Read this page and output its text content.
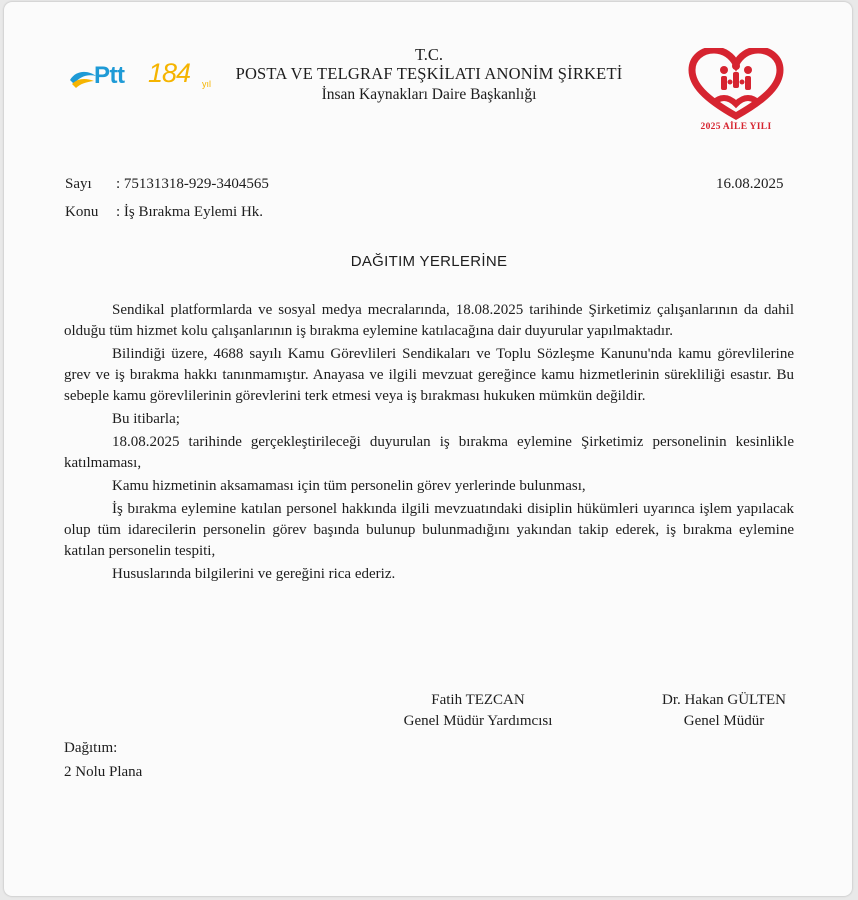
Ptt 184 yıl
T.C.
POSTA VE TELGRAF TEŞKİLATI ANONİM ŞİRKETİ
İnsan Kaynakları Daire Başkanlığı
2025 AİLE YILI
Sayı : 75131318-929-3404565	16.08.2025
Konu : İş Bırakma Eylemi Hk.
DAĞITIM YERLERİNE

Sendikal platformlarda ve sosyal medya mecralarında, 18.08.2025 tarihinde Şirketimiz çalışanlarının da dahil olduğu tüm hizmet kolu çalışanlarının iş bırakma eylemine katılacağına dair duyurular yapılmaktadır.

Bilindiği üzere, 4688 sayılı Kamu Görevlileri Sendikaları ve Toplu Sözleşme Kanunu'nda kamu görevlilerine grev ve iş bırakma hakkı tanınmamıştır. Anayasa ve ilgili mevzuat gereğince kamu hizmetlerinin sürekliliği esastır. Bu sebeple kamu görevlilerinin görevlerini terk etmesi veya iş bırakması hukuken mümkün değildir.

Bu itibarla;

18.08.2025 tarihinde gerçekleştirileceği duyurulan iş bırakma eylemine Şirketimiz personelinin kesinlikle katılmaması,

Kamu hizmetinin aksamaması için tüm personelin görev yerlerinde bulunması,

İş bırakma eylemine katılan personel hakkında ilgili mevzuatındaki disiplin hükümleri uyarınca işlem yapılacak olup tüm idarecilerin personelin görev başında bulunup bulunmadığını yakından takip ederek, iş bırakma eylemine katılan personelin tespiti,

Hususlarında bilgilerini ve gereğini rica ederiz.

Fatih TEZCAN
Genel Müdür Yardımcısı
Dr. Hakan GÜLTEN
Genel Müdür
Dağıtım:
2 Nolu Plana
